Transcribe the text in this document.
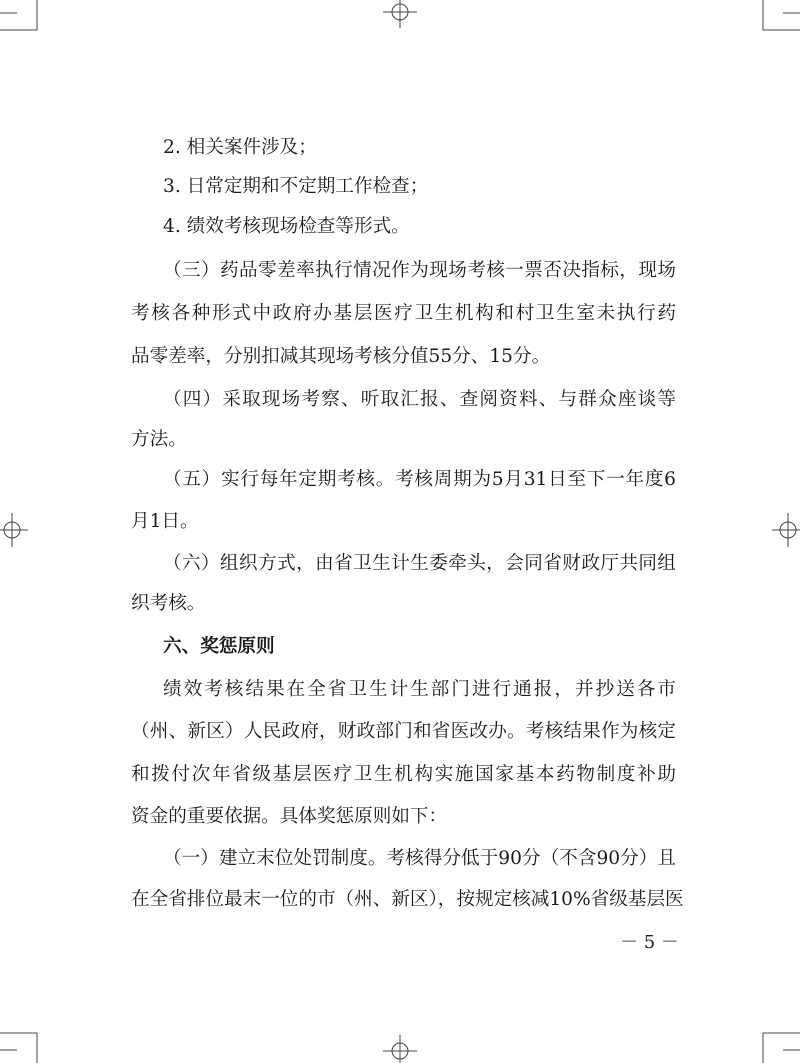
2. 相关案件涉及；
3. 日常定期和不定期工作检查；
4. 绩效考核现场检查等形式。
（三）药品零差率执行情况作为现场考核一票否决指标，现场
考核各种形式中政府办基层医疗卫生机构和村卫生室未执行药
品零差率，分别扣减其现场考核分值55分、15分。
（四）采取现场考察、听取汇报、查阅资料、与群众座谈等
方法。
（五）实行每年定期考核。考核周期为5月31日至下一年度6
月1日。
（六）组织方式，由省卫生计生委牵头，会同省财政厅共同组
织考核。
六、奖惩原则
绩效考核结果在全省卫生计生部门进行通报，并抄送各市
（州、新区）人民政府，财政部门和省医改办。考核结果作为核定
和拨付次年省级基层医疗卫生机构实施国家基本药物制度补助
资金的重要依据。具体奖惩原则如下：
（一）建立末位处罚制度。考核得分低于90分（不含90分）且
在全省排位最末一位的市（州、新区），按规定核减10%省级基层医
－ 5 －
